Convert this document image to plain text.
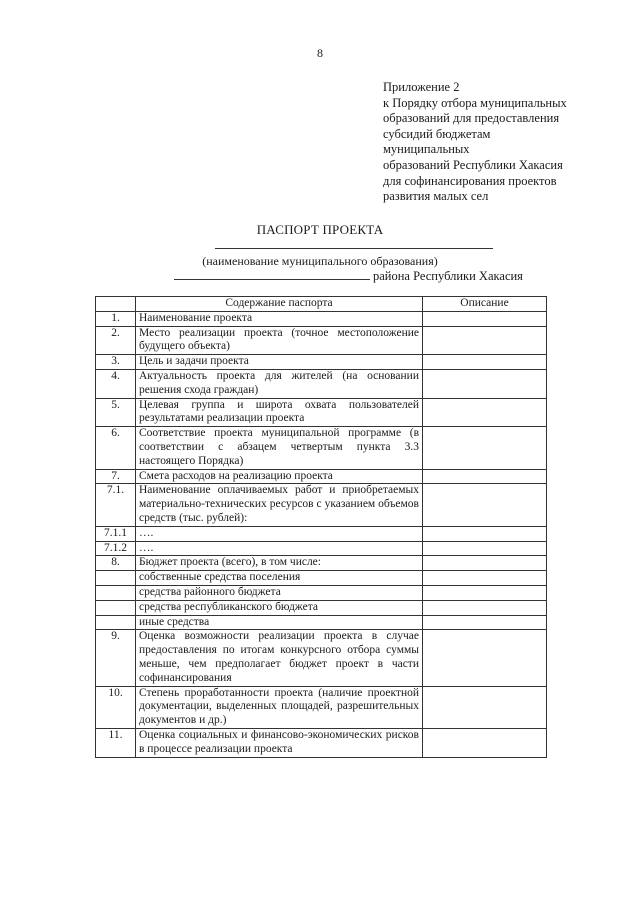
8
Приложение 2
к Порядку отбора муниципальных
образований для предоставления
субсидий бюджетам
муниципальных
образований Республики Хакасия
для софинансирования проектов
развития малых сел
ПАСПОРТ ПРОЕКТА
(наименование муниципального образования)
района Республики Хакасия
	Содержание паспорта	Описание
1.	Наименование проекта	
2.	Место реализации проекта (точное местоположение будущего объекта)	
3.	Цель и задачи проекта	
4.	Актуальность проекта для жителей (на основании решения схода граждан)	
5.	Целевая группа и широта охвата пользователей результатами реализации проекта	
6.	Соответствие проекта муниципальной программе (в соответствии с абзацем четвертым пункта 3.3 настоящего Порядка)	
7.	Смета расходов на реализацию проекта	
7.1.	Наименование оплачиваемых работ и приобретаемых материально-технических ресурсов с указанием объемов средств (тыс. рублей):	
7.1.1	….	
7.1.2	….	
8.	Бюджет проекта (всего), в том числе:	
	собственные средства поселения	
	средства районного бюджета	
	средства республиканского бюджета	
	иные средства	
9.	Оценка возможности реализации проекта в случае предоставления по итогам конкурсного отбора суммы меньше, чем предполагает бюджет проект в части софинансирования	
10.	Степень проработанности проекта (наличие проектной документации, выделенных площадей, разрешительных документов и др.)	
11.	Оценка социальных и финансово-экономических рисков в процессе реализации проекта	
